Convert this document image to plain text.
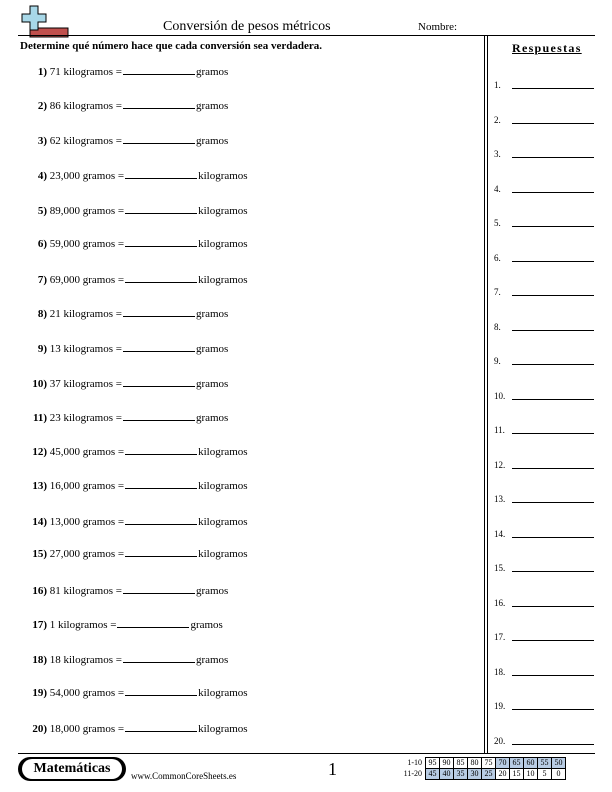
Conversión de pesos métricos	Nombre:
Determine qué número hace que cada conversión sea verdadera.	Respuestas
1) 71 kilogramos =	gramos
2) 86 kilogramos =	gramos
3) 62 kilogramos =	gramos
4) 23,000 gramos =	kilogramos
5) 89,000 gramos =	kilogramos
6) 59,000 gramos =	kilogramos
7) 69,000 gramos =	kilogramos
8) 21 kilogramos =	gramos
9) 13 kilogramos =	gramos
10) 37 kilogramos =	gramos
11) 23 kilogramos =	gramos
12) 45,000 gramos =	kilogramos
13) 16,000 gramos =	kilogramos
14) 13,000 gramos =	kilogramos
15) 27,000 gramos =	kilogramos
16) 81 kilogramos =	gramos
17) 1 kilogramos =	gramos
18) 18 kilogramos =	gramos
19) 54,000 gramos =	kilogramos
20) 18,000 gramos =	kilogramos
1.
2.
3.
4.
5.
6.
7.
8.
9.
10.
11.
12.
13.
14.
15.
16.
17.
18.
19.
20.
Matemáticas	www.CommonCoreSheets.es	1	1-10	95	90	85	80	75	70	65	60	55	50
11-20	45	40	35	30	25	20	15	10	5	0
